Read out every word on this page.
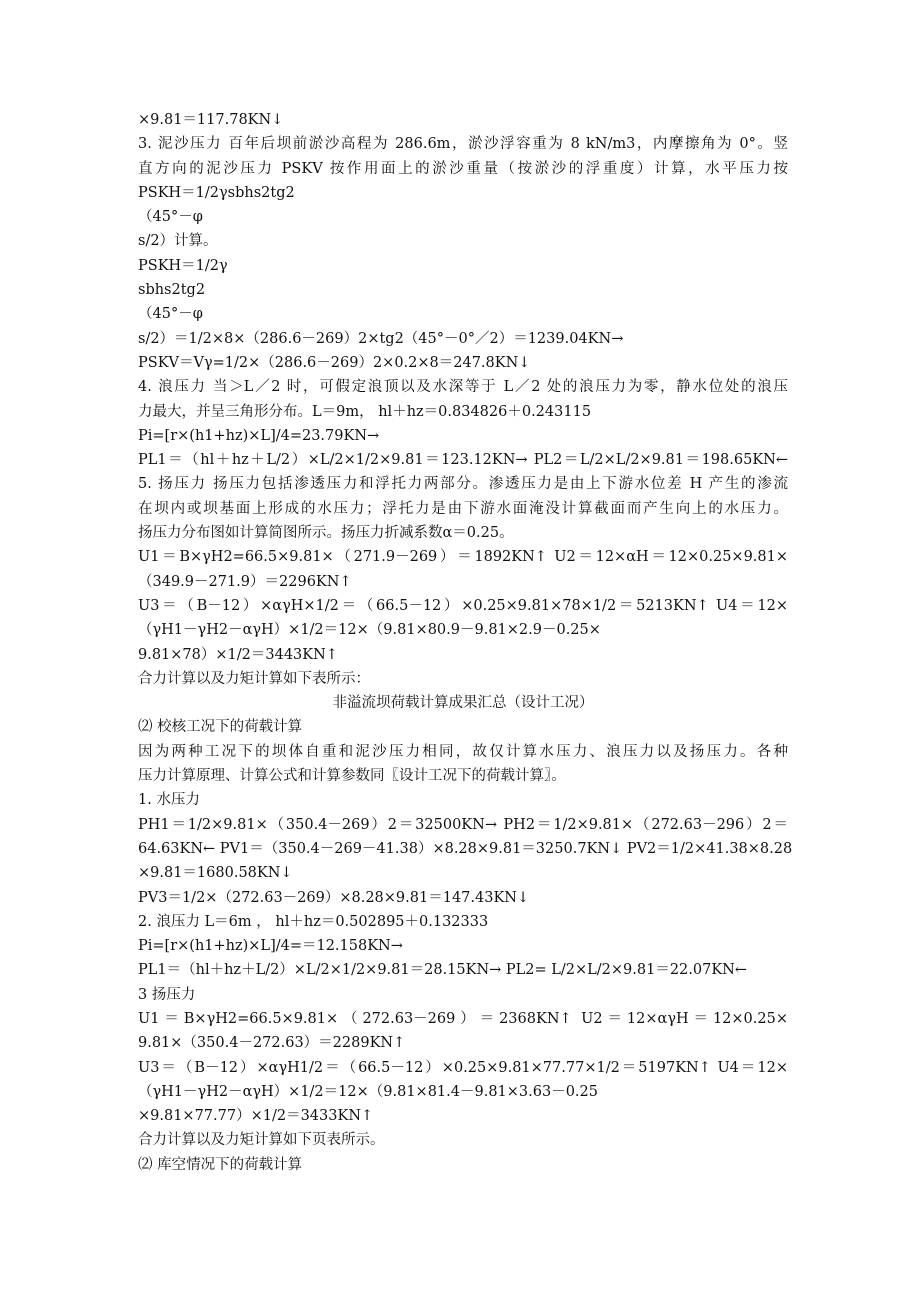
×9.81＝117.78KN↓
3. 泥沙压力 百年后坝前淤沙高程为 286.6m，淤沙浮容重为 8 kN/m3，内摩擦角为 0°。竖
直方向的泥沙压力 PSKV 按作用面上的淤沙重量（按淤沙的浮重度）计算，水平压力按
PSKH＝1/2γsbhs2tg2
（45°－φ
s/2）计算。
PSKH＝1/2γ
sbhs2tg2
（45°－φ
s/2）＝1/2×8×（286.6－269）2×tg2（45°－0°／2）＝1239.04KN→
PSKV＝Vγ=1/2×（286.6－269）2×0.2×8＝247.8KN↓
4. 浪压力 当＞L／2 时，可假定浪顶以及水深等于 L／2 处的浪压力为零，静水位处的浪压
力最大，并呈三角形分布。L＝9m， hl＋hz＝0.834826＋0.243115
Pi=[r×(h1+hz)×L]/4=23.79KN→
PL1＝（hl＋hz＋L/2）×L/2×1/2×9.81＝123.12KN→ PL2＝L/2×L/2×9.81＝198.65KN←
5. 扬压力 扬压力包括渗透压力和浮托力两部分。渗透压力是由上下游水位差 H 产生的渗流
在坝内或坝基面上形成的水压力；浮托力是由下游水面淹没计算截面而产生向上的水压力。
扬压力分布图如计算简图所示。扬压力折减系数α＝0.25。
U1＝B×γH2=66.5×9.81×（271.9－269）＝1892KN↑ U2＝12×αH＝12×0.25×9.81×
（349.9－271.9）＝2296KN↑
U3＝（B－12）×αγH×1/2＝（66.5－12）×0.25×9.81×78×1/2＝5213KN↑ U4＝12×
（γH1－γH2－αγH）×1/2＝12×（9.81×80.9－9.81×2.9－0.25×
9.81×78）×1/2＝3443KN↑
合力计算以及力矩计算如下表所示：
非溢流坝荷载计算成果汇总（设计工况）
⑵ 校核工况下的荷载计算
因为两种工况下的坝体自重和泥沙压力相同，故仅计算水压力、浪压力以及扬压力。各种
压力计算原理、计算公式和计算参数同〖设计工况下的荷载计算〗。
1. 水压力
PH1＝1/2×9.81×（350.4－269）2＝32500KN→ PH2＝1/2×9.81×（272.63－296）2＝
64.63KN← PV1＝（350.4－269－41.38）×8.28×9.81＝3250.7KN↓ PV2＝1/2×41.38×8.28
×9.81＝1680.58KN↓
PV3＝1/2×（272.63－269）×8.28×9.81＝147.43KN↓
2. 浪压力 L＝6m ， hl＋hz＝0.502895＋0.132333
Pi=[r×(h1+hz)×L]/4=＝12.158KN→
PL1＝（hl＋hz＋L/2）×L/2×1/2×9.81＝28.15KN→ PL2= L/2×L/2×9.81＝22.07KN←
3 扬压力
U1＝B×γH2=66.5×9.81×（272.63－269）＝2368KN↑ U2＝12×αγH＝12×0.25×
9.81×（350.4－272.63）＝2289KN↑
U3＝（B－12）×αγH1/2＝（66.5－12）×0.25×9.81×77.77×1/2＝5197KN↑ U4＝12×
（γH1－γH2－αγH）×1/2＝12×（9.81×81.4－9.81×3.63－0.25
×9.81×77.77）×1/2＝3433KN↑
合力计算以及力矩计算如下页表所示。
⑵ 库空情况下的荷载计算
